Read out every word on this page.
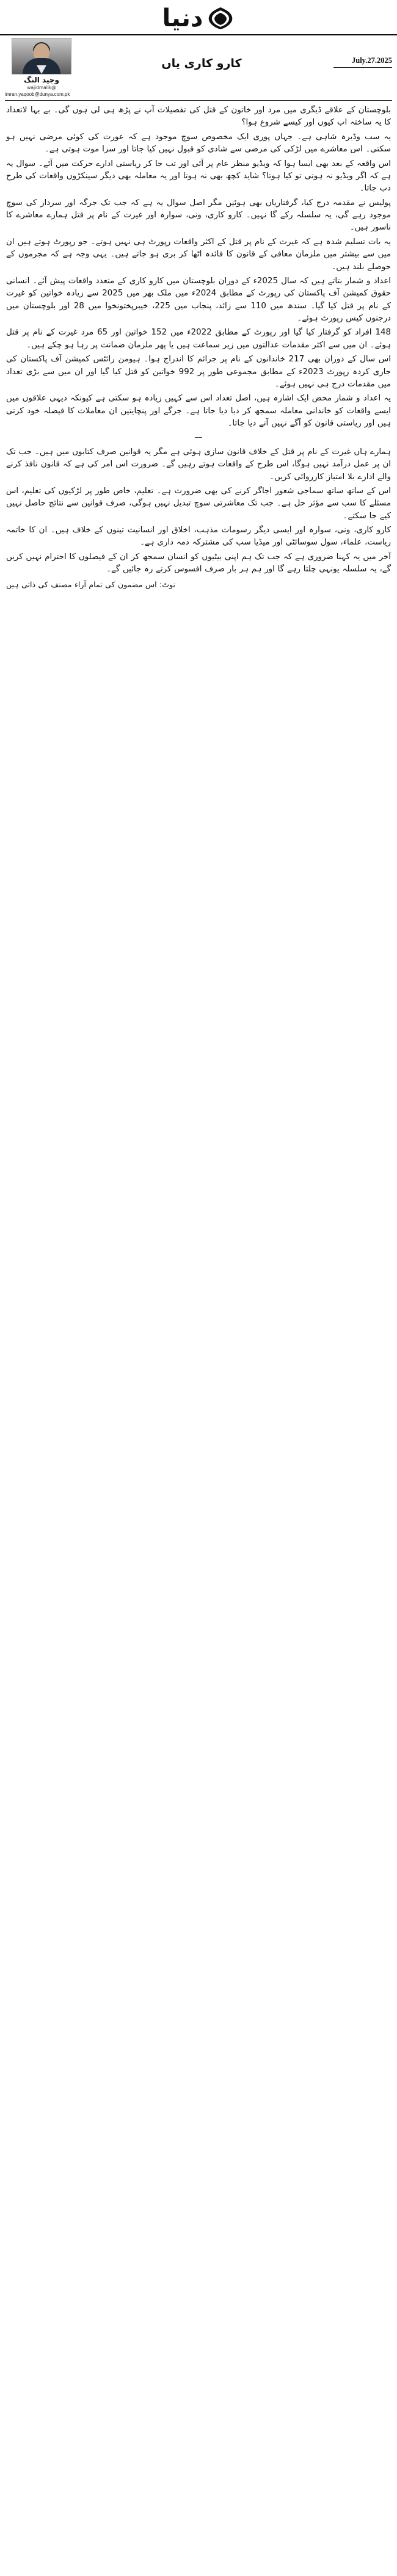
دنیا
July.27.2025
کارو کاری یاں
وجید النگ
@wajidmalik
imran.yaqoob@dunya.com.pk

بلوچستان کے علاقے ڈیگری میں مرد اور خاتون کے قتل کی تفصیلات آپ نے پڑھ ہی لی ہوں گی۔ بے بہا لاتعداد کا یہ ساختہ اب کیوں اور کیسے شروع ہوا؟

یہ سب وڈیرہ شاہی ہے۔ جہاں پوری ایک مخصوص سوچ موجود ہے کہ عورت کی کوئی مرضی نہیں ہو سکتی۔ اس معاشرے میں لڑکی کی مرضی سے شادی کو قبول نہیں کیا جاتا اور سزا موت ہوتی ہے۔

اس واقعہ کے بعد بھی ایسا ہوا کہ ویڈیو منظر عام پر آئی اور تب جا کر ریاستی ادارے حرکت میں آئے۔ سوال یہ ہے کہ اگر ویڈیو نہ ہوتی تو کیا ہوتا؟ شاید کچھ بھی نہ ہوتا اور یہ معاملہ بھی دیگر سینکڑوں واقعات کی طرح دب جاتا۔

پولیس نے مقدمہ درج کیا، گرفتاریاں بھی ہوئیں مگر اصل سوال یہ ہے کہ جب تک جرگہ اور سردار کی سوچ موجود رہے گی، یہ سلسلہ رکے گا نہیں۔ کارو کاری، ونی، سوارہ اور غیرت کے نام پر قتل ہمارے معاشرے کا ناسور ہیں۔

یہ بات تسلیم شدہ ہے کہ غیرت کے نام پر قتل کے اکثر واقعات رپورٹ ہی نہیں ہوتے۔ جو رپورٹ ہوتے ہیں ان میں سے بیشتر میں ملزمان معافی کے قانون کا فائدہ اٹھا کر بری ہو جاتے ہیں۔ یہی وجہ ہے کہ مجرموں کے حوصلے بلند ہیں۔

اعداد و شمار بتاتے ہیں کہ سال 2025ء کے دوران بلوچستان میں کارو کاری کے متعدد واقعات پیش آئے۔ انسانی حقوق کمیشن آف پاکستان کی رپورٹ کے مطابق 2024ء میں ملک بھر میں 2025 سے زیادہ خواتین کو غیرت کے نام پر قتل کیا گیا۔ سندھ میں 110 سے زائد، پنجاب میں 225، خیبرپختونخوا میں 28 اور بلوچستان میں درجنوں کیس رپورٹ ہوئے۔

148 افراد کو گرفتار کیا گیا اور رپورٹ کے مطابق 2022ء میں 152 خواتین اور 65 مرد غیرت کے نام پر قتل ہوئے۔ ان میں سے اکثر مقدمات عدالتوں میں زیر سماعت ہیں یا پھر ملزمان ضمانت پر رہا ہو چکے ہیں۔

اس سال کے دوران بھی 217 خاندانوں کے نام پر جرائم کا اندراج ہوا۔ ہیومن رائٹس کمیشن آف پاکستان کی جاری کردہ رپورٹ 2023ء کے مطابق مجموعی طور پر 992 خواتین کو قتل کیا گیا اور ان میں سے بڑی تعداد میں مقدمات درج ہی نہیں ہوئے۔

یہ اعداد و شمار محض ایک اشارہ ہیں، اصل تعداد اس سے کہیں زیادہ ہو سکتی ہے کیونکہ دیہی علاقوں میں ایسے واقعات کو خاندانی معاملہ سمجھ کر دبا دیا جاتا ہے۔ جرگے اور پنچایتیں ان معاملات کا فیصلہ خود کرتی ہیں اور ریاستی قانون کو آگے نہیں آنے دیا جاتا۔

—

ہمارے ہاں غیرت کے نام پر قتل کے خلاف قانون سازی ہوئی ہے مگر یہ قوانین صرف کتابوں میں ہیں۔ جب تک ان پر عمل درآمد نہیں ہوگا، اس طرح کے واقعات ہوتے رہیں گے۔ ضرورت اس امر کی ہے کہ قانون نافذ کرنے والے ادارے بلا امتیاز کارروائی کریں۔

اس کے ساتھ ساتھ سماجی شعور اجاگر کرنے کی بھی ضرورت ہے۔ تعلیم، خاص طور پر لڑکیوں کی تعلیم، اس مسئلے کا سب سے مؤثر حل ہے۔ جب تک معاشرتی سوچ تبدیل نہیں ہوگی، صرف قوانین سے نتائج حاصل نہیں کیے جا سکتے۔

کارو کاری، ونی، سوارہ اور ایسی دیگر رسومات مذہب، اخلاق اور انسانیت تینوں کے خلاف ہیں۔ ان کا خاتمہ ریاست، علماء، سول سوسائٹی اور میڈیا سب کی مشترکہ ذمہ داری ہے۔

آخر میں یہ کہنا ضروری ہے کہ جب تک ہم اپنی بیٹیوں کو انسان سمجھ کر ان کے فیصلوں کا احترام نہیں کریں گے، یہ سلسلہ یونہی چلتا رہے گا اور ہم ہر بار صرف افسوس کرتے رہ جائیں گے۔

نوٹ: اس مضمون کی تمام آراء مصنف کی ذاتی ہیں
